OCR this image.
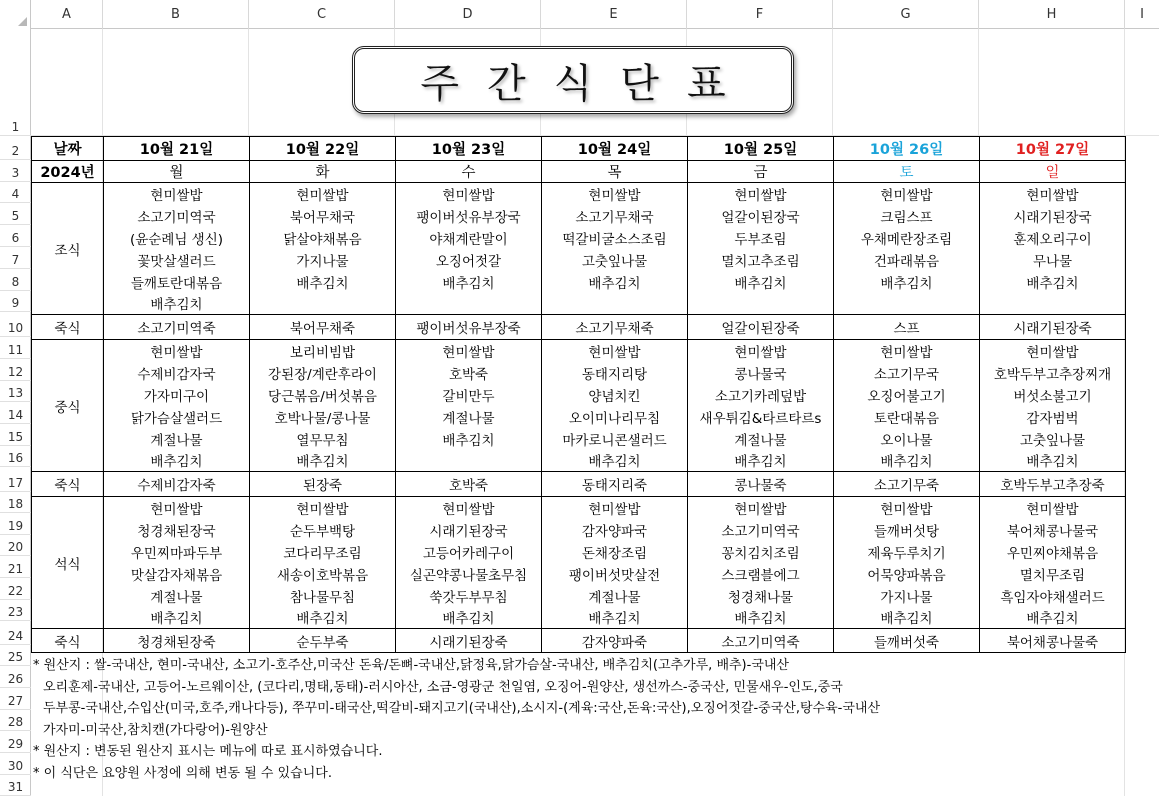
A	B	C	D	E	F	G	H	I
1
2
3
4
5
6
7
8
9
10
11
12
13
14
15
16
17
18
19
20
21
22
23
24
25
26
27
28
29
30
31
주간식단표
날짜	10월 21일	10월 22일	10월 23일	10월 24일	10월 25일	10월 26일	10월 27일
2024년	월	화	수	목	금	토	일
조식	현미쌀밥	현미쌀밥	현미쌀밥	현미쌀밥	현미쌀밥	현미쌀밥	현미쌀밥
	소고기미역국	북어무채국	팽이버섯유부장국	소고기무채국	얼갈이된장국	크림스프	시래기된장국
	(윤순례님 생신)	닭살야채볶음	야채계란말이	떡갈비굴소스조림	두부조림	우채메란장조림	훈제오리구이
	꽃맛살샐러드	가지나물	오징어젓갈	고춧잎나물	멸치고추조림	건파래볶음	무나물
	들깨토란대볶음	배추김치	배추김치	배추김치	배추김치	배추김치	배추김치
	배추김치						
죽식	소고기미역죽	북어무채죽	팽이버섯유부장죽	소고기무채죽	얼갈이된장죽	스프	시래기된장죽
중식	현미쌀밥	보리비빔밥	현미쌀밥	현미쌀밥	현미쌀밥	현미쌀밥	현미쌀밥
	수제비감자국	강된장/계란후라이	호박죽	동태지리탕	콩나물국	소고기무국	호박두부고추장찌개
	가자미구이	당근볶음/버섯볶음	갈비만두	양념치킨	소고기카레덮밥	오징어불고기	버섯소불고기
	닭가슴살샐러드	호박나물/콩나물	계절나물	오이미나리무침	새우튀김&타르타르s	토란대볶음	감자범벅
	계절나물	열무무침	배추김치	마카로니콘샐러드	계절나물	오이나물	고춧잎나물
	배추김치	배추김치		배추김치	배추김치	배추김치	배추김치
죽식	수제비감자죽	된장죽	호박죽	동태지리죽	콩나물죽	소고기무죽	호박두부고추장죽
석식	현미쌀밥	현미쌀밥	현미쌀밥	현미쌀밥	현미쌀밥	현미쌀밥	현미쌀밥
	청경채된장국	순두부백탕	시래기된장국	감자양파국	소고기미역국	들깨버섯탕	북어채콩나물국
	우민찌마파두부	코다리무조림	고등어카레구이	돈채장조림	꽁치김치조림	제육두루치기	우민찌야채볶음
	맛살감자채볶음	새송이호박볶음	실곤약콩나물초무침	팽이버섯맛살전	스크램블에그	어묵양파볶음	멸치무조림
	계절나물	참나물무침	쑥갓두부무침	계절나물	청경채나물	가지나물	흑임자야채샐러드
	배추김치	배추김치	배추김치	배추김치	배추김치	배추김치	배추김치
죽식	청경채된장죽	순두부죽	시래기된장죽	감자양파죽	소고기미역죽	들깨버섯죽	북어채콩나물죽
* 원산지 : 쌀-국내산, 현미-국내산, 소고기-호주산,미국산 돈육/돈뼈-국내산,닭정육,닭가슴살-국내산, 배추김치(고추가루, 배추)-국내산
오리훈제-국내산, 고등어-노르웨이산, (코다리,명태,동태)-러시아산, 소금-영광군 천일염, 오징어-원양산, 생선까스-중국산, 민물새우-인도,중국
두부콩-국내산,수입산(미국,호주,캐나다등), 쭈꾸미-태국산,떡갈비-돼지고기(국내산),소시지-(계육:국산,돈육:국산),오징어젓갈-중국산,탕수육-국내산
가자미-미국산,참치캔(가다랑어)-원양산
* 원산지 : 변동된 원산지 표시는 메뉴에 따로 표시하였습니다.
* 이 식단은 요양원 사정에 의해 변동 될 수 있습니다.
